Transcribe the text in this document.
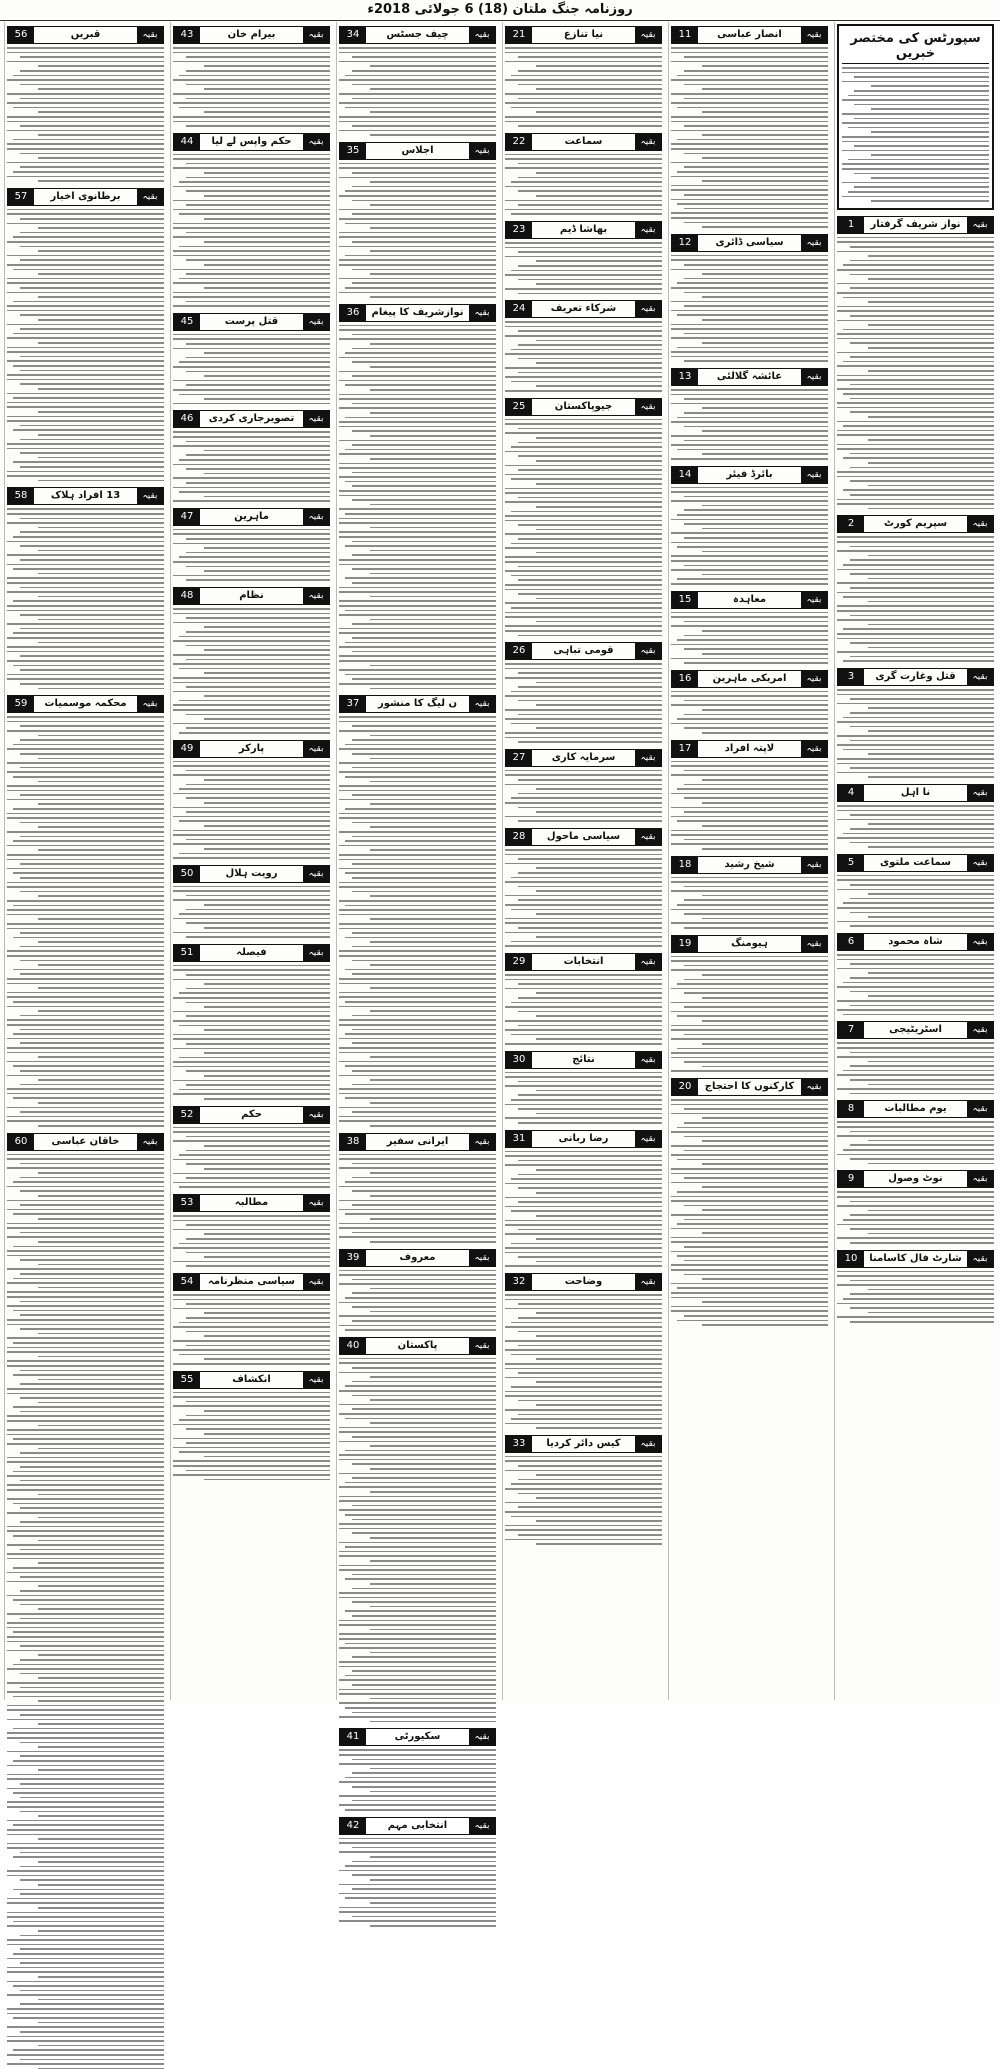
روزنامہ جنگ ملتان (18) 6 جولائی 2018ء
سپورٹس کی مختصر خبریں
بقیہ
نواز شریف گرفتار
1
بقیہ
سپریم کورٹ
2
بقیہ
قتل وغارت گری
3
بقیہ
نا اہل
4
بقیہ
سماعت ملتوی
5
بقیہ
شاہ محمود
6
بقیہ
اسٹریٹیجی
7
بقیہ
یوم مطالبات
8
بقیہ
نوٹ وصول
9
بقیہ
شارٹ فال کاسامنا
10
بقیہ
انصار عباسی
11
بقیہ
سیاسی ڈائری
12
بقیہ
عائشہ گلالئی
13
بقیہ
بائرڈ فیئر
14
بقیہ
معاہدہ
15
بقیہ
امریکی ماہرین
16
بقیہ
لاپتہ افراد
17
بقیہ
شیخ رشید
18
بقیہ
ہیومنگ
19
بقیہ
کارکنوں کا احتجاج
20
بقیہ
نیا تنازع
21
بقیہ
سماعت
22
بقیہ
بھاشا ڈیم
23
بقیہ
شرکاء تعریف
24
بقیہ
جیوپاکستان
25
بقیہ
قومی تباہی
26
بقیہ
سرمایہ کاری
27
بقیہ
سیاسی ماحول
28
بقیہ
انتخابات
29
بقیہ
نتائج
30
بقیہ
رضا ربانی
31
بقیہ
وضاحت
32
بقیہ
کیس دائر کردیا
33
بقیہ
چیف جسٹس
34
بقیہ
اجلاس
35
بقیہ
نوازشریف کا پیغام
36
بقیہ
ن لیگ کا منشور
37
بقیہ
ایرانی سفیر
38
بقیہ
معروف
39
بقیہ
پاکستان
40
بقیہ
سکیورٹی
41
بقیہ
انتخابی مہم
42
بقیہ
بیرام خان
43
بقیہ
حکم واپس لے لیا
44
بقیہ
قتل پرست
45
بقیہ
تصویرجاری کردی
46
بقیہ
ماہرین
47
بقیہ
نظام
48
بقیہ
پارکر
49
بقیہ
رویت ہلال
50
بقیہ
فیصلہ
51
بقیہ
حکم
52
بقیہ
مطالبہ
53
بقیہ
سیاسی منظرنامہ
54
بقیہ
انکشاف
55
بقیہ
قبریں
56
بقیہ
برطانوی اخبار
57
بقیہ
13 افراد ہلاک
58
بقیہ
محکمہ موسمیات
59
بقیہ
خاقان عباسی
60
